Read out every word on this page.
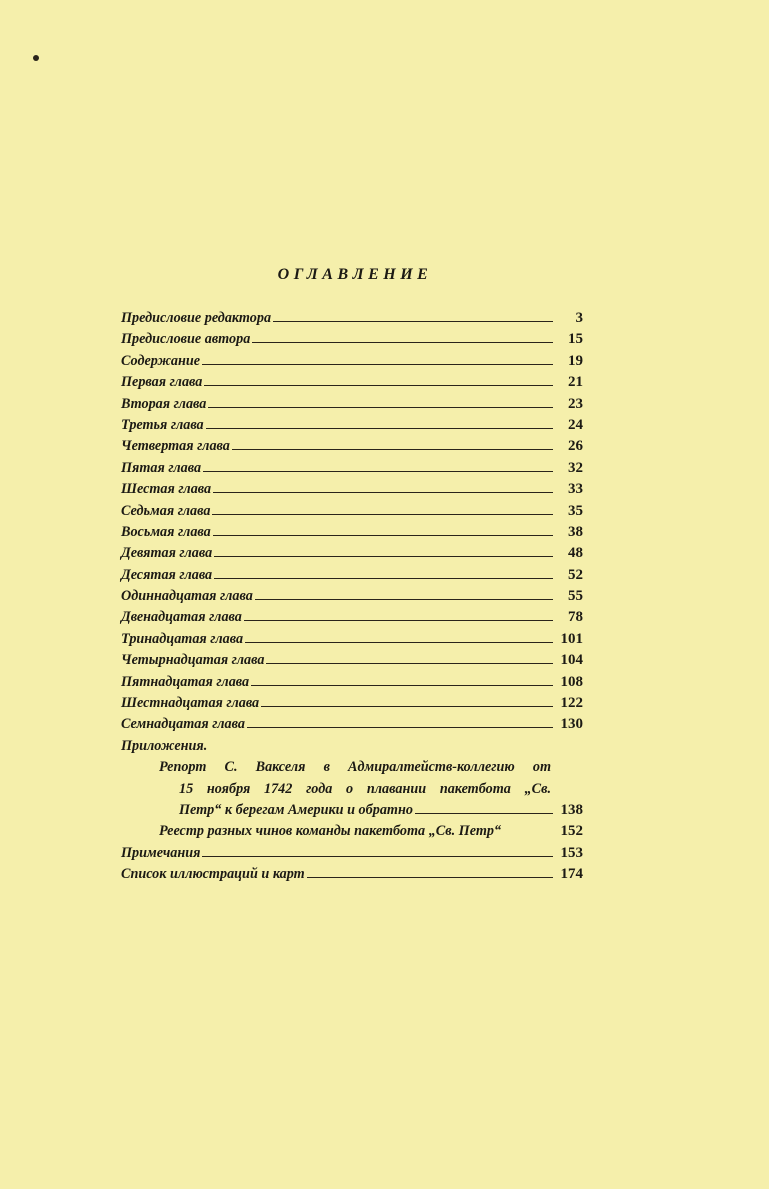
ОГЛАВЛЕНИЕ
Предисловие редактора	3
Предисловие автора	15
Содержание	19
Первая глава	21
Вторая глава	23
Третья глава	24
Четвертая глава	26
Пятая глава	32
Шестая глава	33
Седьмая глава	35
Восьмая глава	38
Девятая глава	48
Десятая глава	52
Одиннадцатая глава	55
Двенадцатая глава	78
Тринадцатая глава	101
Четырнадцатая глава	104
Пятнадцатая глава	108
Шестнадцатая глава	122
Семнадцатая глава	130
Приложения.
Репорт С. Вакселя в Адмиралтейств-коллегию от
15 ноября 1742 года о плавании пакетбота „Св.
Петр“ к берегам Америки и обратно	138
Реестр разных чинов команды пакетбота „Св. Петр“	152
Примечания	153
Список иллюстраций и карт	174
